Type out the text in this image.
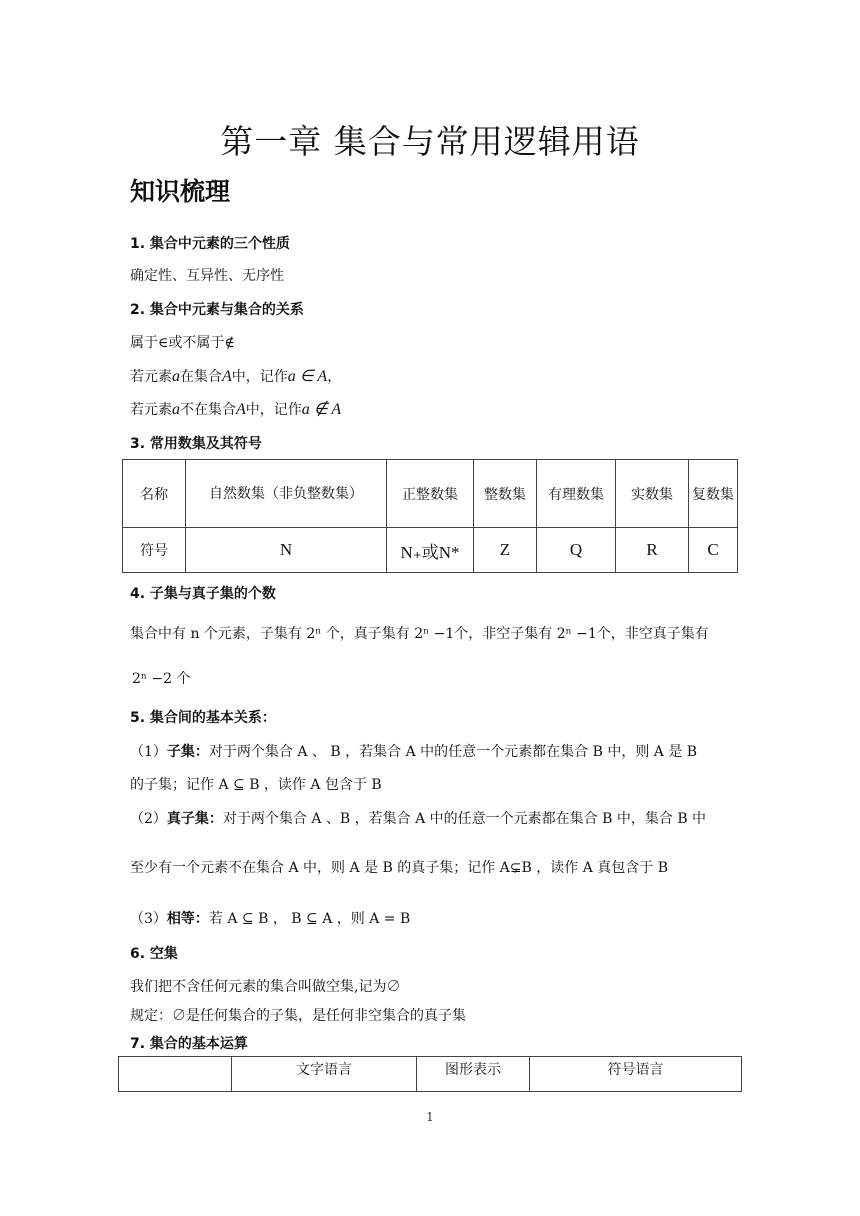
第一章 集合与常用逻辑用语
知识梳理
1. 集合中元素的三个性质
确定性、互异性、无序性
2. 集合中元素与集合的关系
属于∈或不属于∉
若元素a在集合A中，记作a ∈ A，
若元素a不在集合A中，记作a ∉ A
3. 常用数集及其符号
名称	自然数集（非负整数集）	正整数集	整数集	有理数集	实数集	复数集
符号	N	N₊或N*	Z	Q	R	C
4. 子集与真子集的个数
集合中有 n 个元素，子集有 2ⁿ 个，真子集有 2ⁿ −1个，非空子集有 2ⁿ −1个，非空真子集有
2ⁿ −2 个
5. 集合间的基本关系：
（1）子集：对于两个集合 A 、 B ，若集合 A 中的任意一个元素都在集合 B 中，则 A 是 B
的子集；记作 A ⊆ B ，读作 A 包含于 B
（2）真子集：对于两个集合 A 、B ，若集合 A 中的任意一个元素都在集合 B 中，集合 B 中
至少有一个元素不在集合 A 中，则 A 是 B 的真子集；记作 A⊊B ，读作 A 真包含于 B
（3）相等：若 A ⊆ B ， B ⊆ A ，则 A = B
6. 空集
我们把不含任何元素的集合叫做空集,记为∅
规定：∅是任何集合的子集，是任何非空集合的真子集
7. 集合的基本运算
	文字语言	图形表示	符号语言
1
